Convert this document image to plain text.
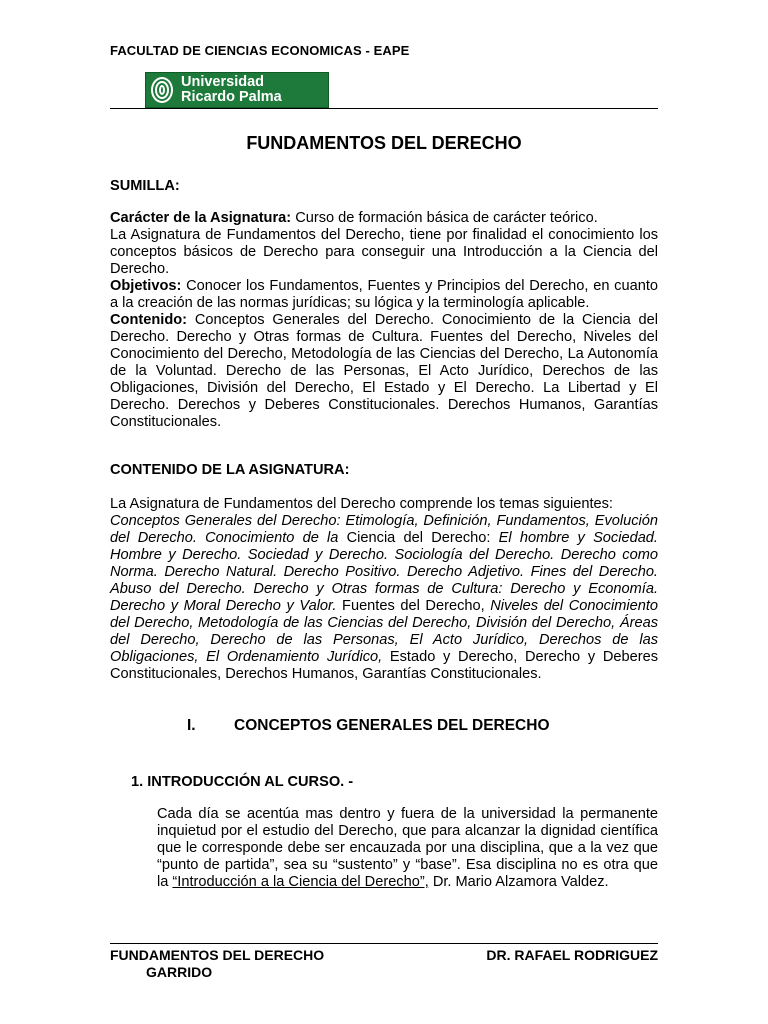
FACULTAD DE CIENCIAS ECONOMICAS - EAPE
Universidad
Ricardo Palma
FUNDAMENTOS DEL DERECHO
SUMILLA:
Carácter de la Asignatura: Curso de formación básica de carácter teórico.
La Asignatura de Fundamentos del Derecho, tiene por finalidad el conocimiento los conceptos básicos de Derecho para conseguir una Introducción a la Ciencia del Derecho.
Objetivos: Conocer los Fundamentos, Fuentes y Principios del Derecho, en cuanto a la creación de las normas jurídicas; su lógica y la terminología aplicable.
Contenido: Conceptos Generales del Derecho. Conocimiento de la Ciencia del Derecho. Derecho y Otras formas de Cultura. Fuentes del Derecho, Niveles del Conocimiento del Derecho, Metodología de las Ciencias del Derecho, La Autonomía de la Voluntad. Derecho de las Personas, El Acto Jurídico, Derechos de las Obligaciones, División del Derecho, El Estado y El Derecho. La Libertad y El Derecho. Derechos y Deberes Constitucionales. Derechos Humanos, Garantías Constitucionales.
CONTENIDO DE LA ASIGNATURA:
La Asignatura de Fundamentos del Derecho comprende los temas siguientes:
Conceptos Generales del Derecho: Etimología, Definición, Fundamentos, Evolución del Derecho. Conocimiento de la Ciencia del Derecho: El hombre y Sociedad. Hombre y Derecho. Sociedad y Derecho. Sociología del Derecho. Derecho como Norma. Derecho Natural. Derecho Positivo. Derecho Adjetivo. Fines del Derecho. Abuso del Derecho. Derecho y Otras formas de Cultura: Derecho y Economía. Derecho y Moral Derecho y Valor. Fuentes del Derecho, Niveles del Conocimiento del Derecho, Metodología de las Ciencias del Derecho, División del Derecho, Áreas del Derecho, Derecho de las Personas, El Acto Jurídico, Derechos de las Obligaciones, El Ordenamiento Jurídico, Estado y Derecho, Derecho y Deberes Constitucionales, Derechos Humanos, Garantías Constitucionales.
I. CONCEPTOS GENERALES DEL DERECHO
1. INTRODUCCIÓN AL CURSO. -
Cada día se acentúa mas dentro y fuera de la universidad la permanente inquietud por el estudio del Derecho, que para alcanzar la dignidad científica que le corresponde debe ser encauzada por una disciplina, que a la vez que “punto de partida”, sea su “sustento” y “base”. Esa disciplina no es otra que la “Introducción a la Ciencia del Derecho”, Dr. Mario Alzamora Valdez.
FUNDAMENTOS DEL DERECHO	DR. RAFAEL RODRIGUEZ
GARRIDO
